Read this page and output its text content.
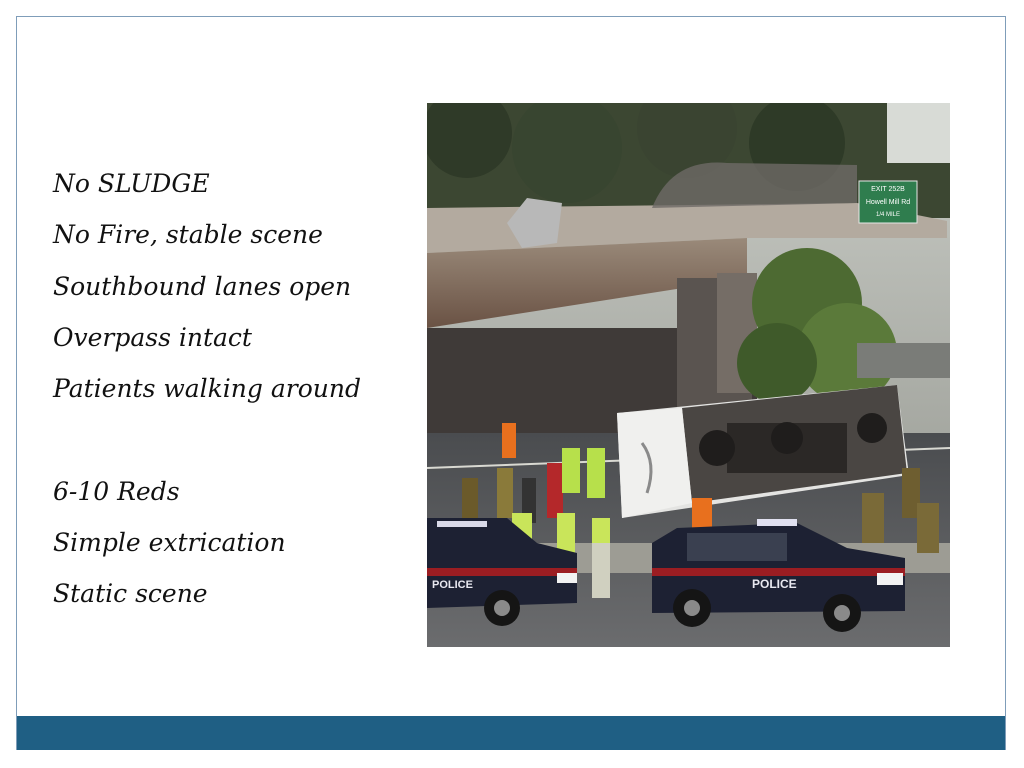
No SLUDGE
No Fire, stable scene
Southbound lanes open
Overpass intact
Patients walking around
6-10 Reds
Simple extrication
Static scene
EXIT 252B
Howell Mill Rd
1/4 MILE
POLICE	POLICE
